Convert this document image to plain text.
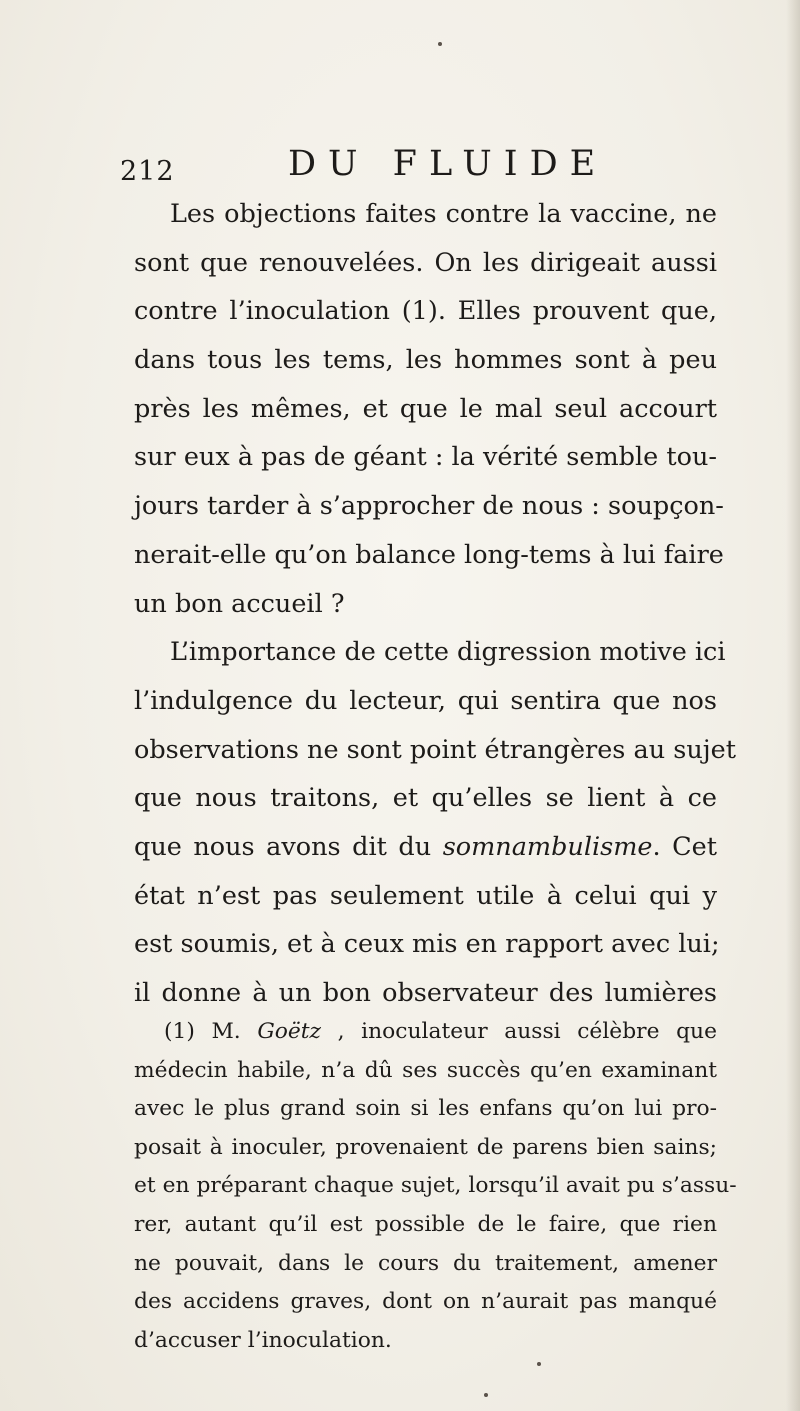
212	DU FLUIDE
Les objections faites contre la vaccine, ne
sont que renouvelées. On les dirigeait aussi
contre l’inoculation (1). Elles prouvent que,
dans tous les tems, les hommes sont à peu
près les mêmes, et que le mal seul accourt
sur eux à pas de géant : la vérité semble tou-
jours tarder à s’approcher de nous : soupçon-
nerait-elle qu’on balance long-tems à lui faire
un bon accueil ?
L’importance de cette digression motive ici
l’indulgence du lecteur, qui sentira que nos
observations ne sont point étrangères au sujet
que nous traitons, et qu’elles se lient à ce
que nous avons dit du somnambulisme. Cet
état n’est pas seulement utile à celui qui y
est soumis, et à ceux mis en rapport avec lui;
il donne à un bon observateur des lumières
(1) M. Goëtz , inoculateur aussi célèbre que
médecin habile, n’a dû ses succès qu’en examinant
avec le plus grand soin si les enfans qu’on lui pro-
posait à inoculer, provenaient de parens bien sains;
et en préparant chaque sujet, lorsqu’il avait pu s’assu-
rer, autant qu’il est possible de le faire, que rien
ne pouvait, dans le cours du traitement, amener
des accidens graves, dont on n’aurait pas manqué
d’accuser l’inoculation.
